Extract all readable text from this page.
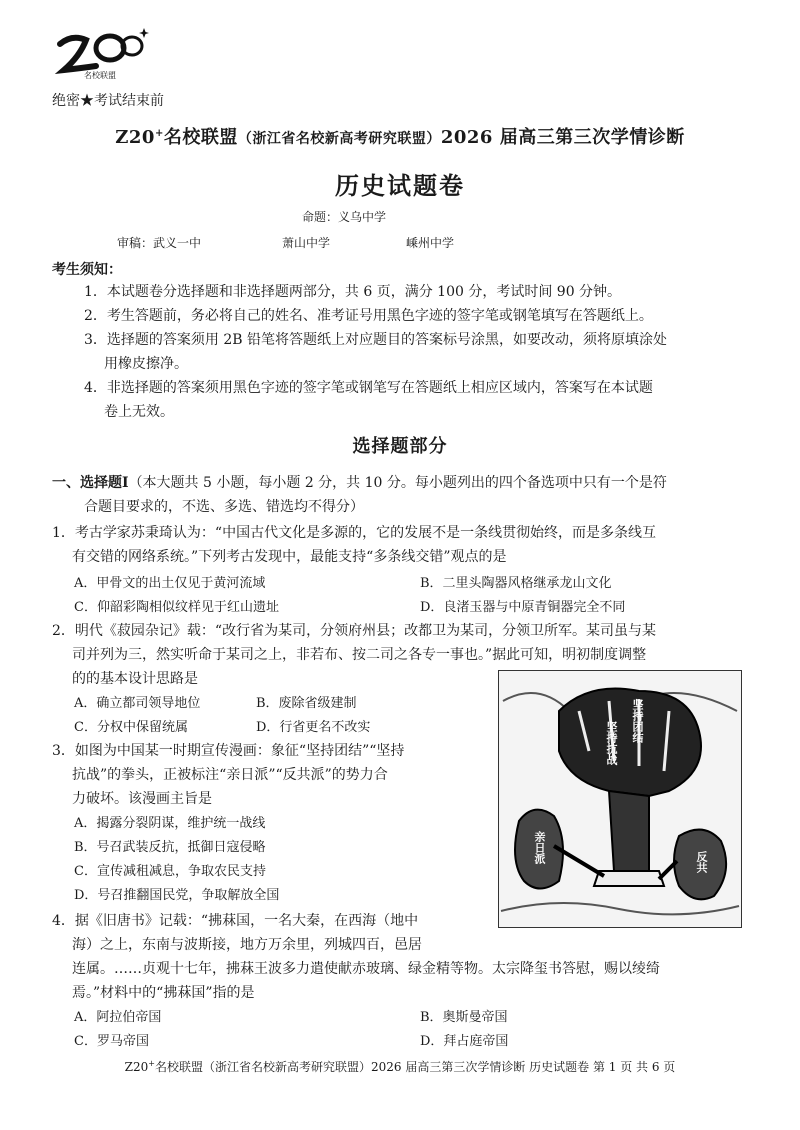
名校联盟
绝密★考试结束前
Z20+名校联盟（浙江省名校新高考研究联盟）2026 届高三第三次学情诊断
历史试题卷
命题：义乌中学
审稿：武义一中	萧山中学	嵊州中学
考生须知：
1．本试题卷分选择题和非选择题两部分，共 6 页，满分 100 分，考试时间 90 分钟。
2．考生答题前，务必将自己的姓名、准考证号用黑色字迹的签字笔或钢笔填写在答题纸上。
3．选择题的答案须用 2B 铅笔将答题纸上对应题目的答案标号涂黑，如要改动，须将原填涂处
用橡皮擦净。
4．非选择题的答案须用黑色字迹的签字笔或钢笔写在答题纸上相应区域内，答案写在本试题
卷上无效。
选择题部分
一、选择题Ⅰ（本大题共 5 小题，每小题 2 分，共 10 分。每小题列出的四个备选项中只有一个是符
合题目要求的，不选、多选、错选均不得分）
1．考古学家苏秉琦认为：“中国古代文化是多源的，它的发展不是一条线贯彻始终，而是多条线互
有交错的网络系统。”下列考古发现中，最能支持“多条线交错”观点的是
A．甲骨文的出土仅见于黄河流域	B．二里头陶器风格继承龙山文化
C．仰韶彩陶相似纹样见于红山遗址	D．良渚玉器与中原青铜器完全不同
2．明代《菽园杂记》载：“改行省为某司，分领府州县；改都卫为某司，分领卫所军。某司虽与某
司并列为三，然实听命于某司之上，非若布、按二司之各专一事也。”据此可知，明初制度调整
的的基本设计思路是
A．确立都司领导地位	B．废除省级建制
C．分权中保留统属	D．行省更名不改实
3．如图为中国某一时期宣传漫画：象征“坚持团结”“坚持
抗战”的拳头，正被标注“亲日派”“反共派”的势力合
力破坏。该漫画主旨是
A．揭露分裂阴谋，维护统一战线
B．号召武装反抗，抵御日寇侵略
C．宣传减租减息，争取农民支持
D．号召推翻国民党，争取解放全国
坚持团结
坚持抗战
亲日派	反共
4．据《旧唐书》记载：“拂菻国，一名大秦，在西海（地中
海）之上，东南与波斯接，地方万余里，列城四百，邑居
连属。……贞观十七年，拂菻王波多力遣使献赤玻璃、绿金精等物。太宗降玺书答慰，赐以绫绮
焉。”材料中的“拂菻国”指的是
A．阿拉伯帝国	B．奥斯曼帝国
C．罗马帝国	D．拜占庭帝国
Z20+名校联盟（浙江省名校新高考研究联盟）2026 届高三第三次学情诊断 历史试题卷 第 1 页 共 6 页
